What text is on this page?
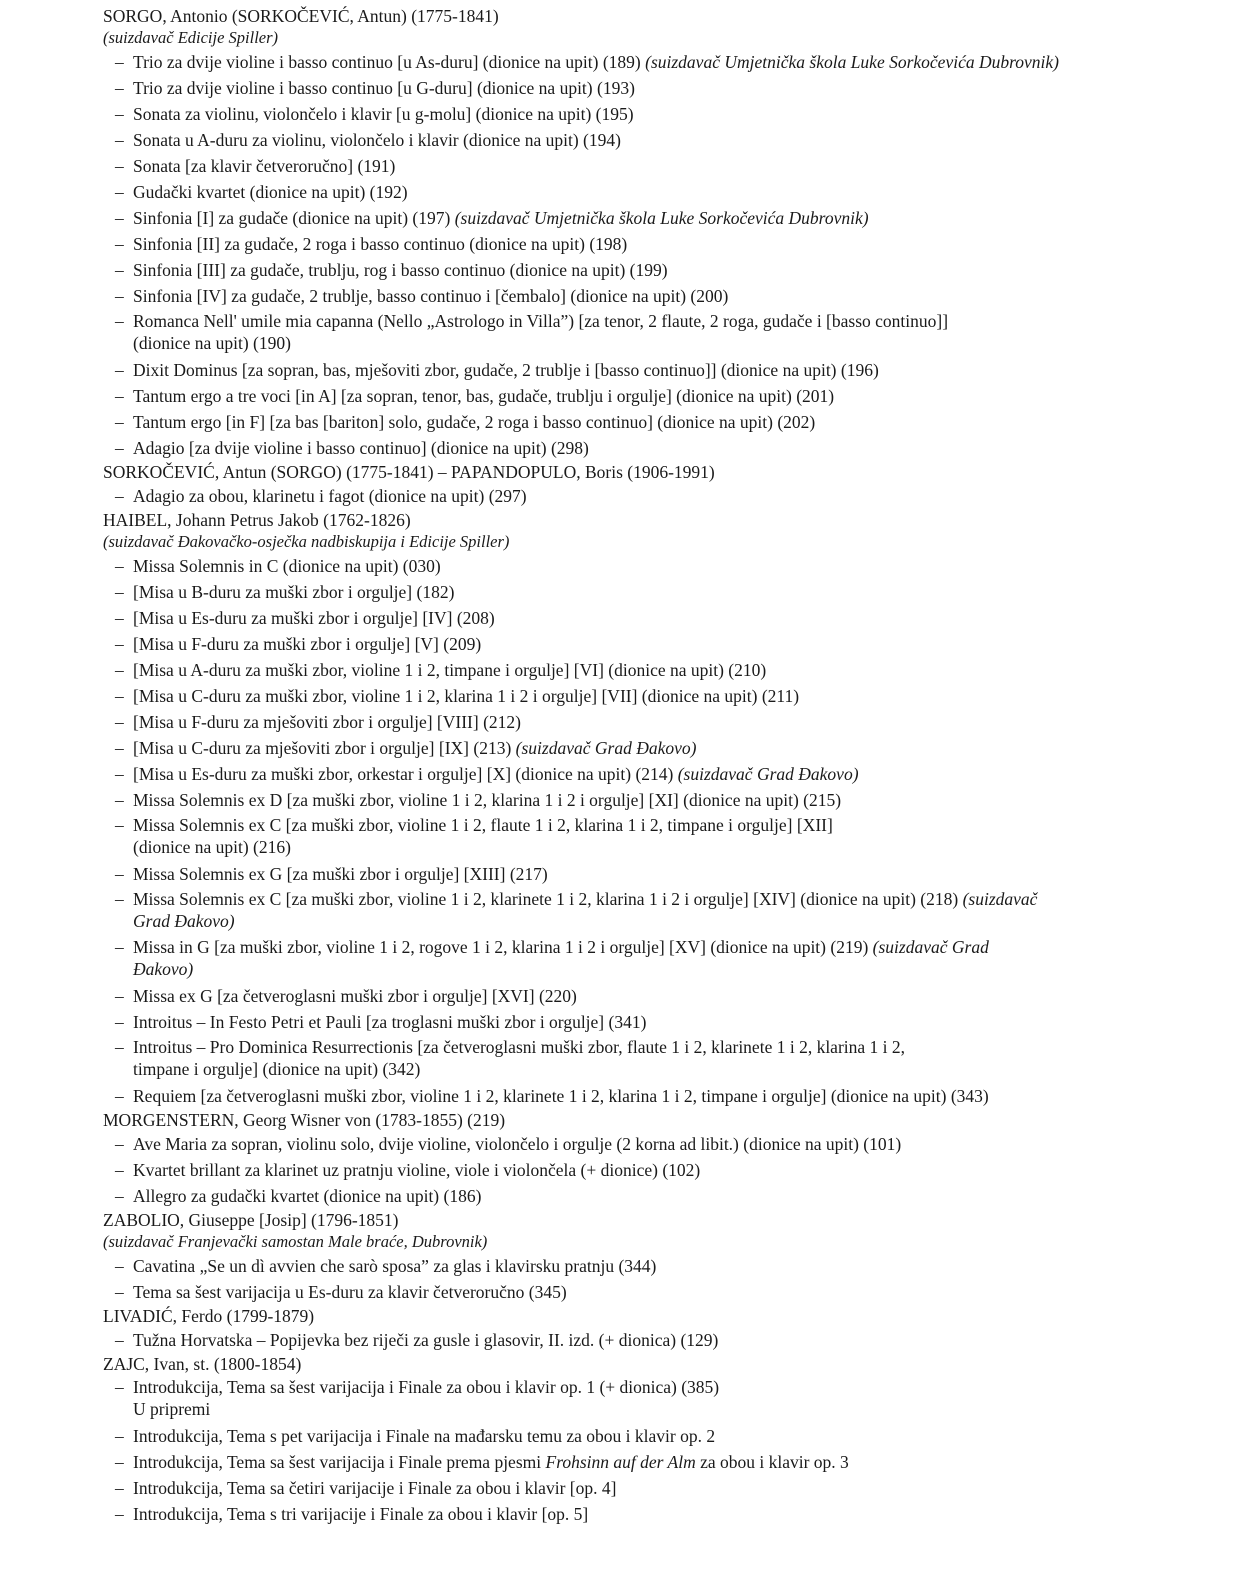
SORGO, Antonio (SORKOČEVIĆ, Antun) (1775-1841)

(suizdavač Edicije Spiller)

– Trio za dvije violine i basso continuo [u As-duru] (dionice na upit) (189) (suizdavač Umjetnička škola Luke Sorkočevića Dubrovnik)
– Trio za dvije violine i basso continuo [u G-duru] (dionice na upit) (193)
– Sonata za violinu, violončelo i klavir [u g-molu] (dionice na upit) (195)
– Sonata u A-duru za violinu, violončelo i klavir (dionice na upit) (194)
– Sonata [za klavir četveroručno] (191)
– Gudački kvartet (dionice na upit) (192)
– Sinfonia [I] za gudače (dionice na upit) (197) (suizdavač Umjetnička škola Luke Sorkočevića Dubrovnik)
– Sinfonia [II] za gudače, 2 roga i basso continuo (dionice na upit) (198)
– Sinfonia [III] za gudače, trublju, rog i basso continuo (dionice na upit) (199)
– Sinfonia [IV] za gudače, 2 trublje, basso continuo i [čembalo] (dionice na upit) (200)
– Romanca Nell' umile mia capanna (Nello „Astrologo in Villa”) [za tenor, 2 flaute, 2 roga, gudače i [basso continuo]]
(dionice na upit) (190)
– Dixit Dominus [za sopran, bas, mješoviti zbor, gudače, 2 trublje i [basso continuo]] (dionice na upit) (196)
– Tantum ergo a tre voci [in A] [za sopran, tenor, bas, gudače, trublju i orgulje] (dionice na upit) (201)
– Tantum ergo [in F] [za bas [bariton] solo, gudače, 2 roga i basso continuo] (dionice na upit) (202)
– Adagio [za dvije violine i basso continuo] (dionice na upit) (298)

SORKOČEVIĆ, Antun (SORGO) (1775-1841) – PAPANDOPULO, Boris (1906-1991)

– Adagio za obou, klarinetu i fagot (dionice na upit) (297)

HAIBEL, Johann Petrus Jakob (1762-1826)

(suizdavač Đakovačko-osječka nadbiskupija i Edicije Spiller)

– Missa Solemnis in C (dionice na upit) (030)
– [Misa u B-duru za muški zbor i orgulje] (182)
– [Misa u Es-duru za muški zbor i orgulje] [IV] (208)
– [Misa u F-duru za muški zbor i orgulje] [V] (209)
– [Misa u A-duru za muški zbor, violine 1 i 2, timpane i orgulje] [VI] (dionice na upit) (210)
– [Misa u C-duru za muški zbor, violine 1 i 2, klarina 1 i 2 i orgulje] [VII] (dionice na upit) (211)
– [Misa u F-duru za mješoviti zbor i orgulje] [VIII] (212)
– [Misa u C-duru za mješoviti zbor i orgulje] [IX] (213) (suizdavač Grad Đakovo)
– [Misa u Es-duru za muški zbor, orkestar i orgulje] [X] (dionice na upit) (214) (suizdavač Grad Đakovo)
– Missa Solemnis ex D [za muški zbor, violine 1 i 2, klarina 1 i 2 i orgulje] [XI] (dionice na upit) (215)
– Missa Solemnis ex C [za muški zbor, violine 1 i 2, flaute 1 i 2, klarina 1 i 2, timpane i orgulje] [XII]
(dionice na upit) (216)
– Missa Solemnis ex G [za muški zbor i orgulje] [XIII] (217)
– Missa Solemnis ex C [za muški zbor, violine 1 i 2, klarinete 1 i 2, klarina 1 i 2 i orgulje] [XIV] (dionice na upit) (218) (suizdavač
Grad Đakovo)
– Missa in G [za muški zbor, violine 1 i 2, rogove 1 i 2, klarina 1 i 2 i orgulje] [XV] (dionice na upit) (219) (suizdavač Grad
Đakovo)
– Missa ex G [za četveroglasni muški zbor i orgulje] [XVI] (220)
– Introitus – In Festo Petri et Pauli [za troglasni muški zbor i orgulje] (341)
– Introitus – Pro Dominica Resurrectionis [za četveroglasni muški zbor, flaute 1 i 2, klarinete 1 i 2, klarina 1 i 2,
timpane i orgulje] (dionice na upit) (342)
– Requiem [za četveroglasni muški zbor, violine 1 i 2, klarinete 1 i 2, klarina 1 i 2, timpane i orgulje] (dionice na upit) (343)

MORGENSTERN, Georg Wisner von (1783-1855) (219)

– Ave Maria za sopran, violinu solo, dvije violine, violončelo i orgulje (2 korna ad libit.) (dionice na upit) (101)
– Kvartet brillant za klarinet uz pratnju violine, viole i violončela (+ dionice) (102)
– Allegro za gudački kvartet (dionice na upit) (186)

ZABOLIO, Giuseppe [Josip] (1796-1851)

(suizdavač Franjevački samostan Male braće, Dubrovnik)

– Cavatina „Se un dì avvien che sarò sposa” za glas i klavirsku pratnju (344)
– Tema sa šest varijacija u Es-duru za klavir četveroručno (345)

LIVADIĆ, Ferdo (1799-1879)

– Tužna Horvatska – Popijevka bez riječi za gusle i glasovir, II. izd. (+ dionica) (129)

ZAJC, Ivan, st. (1800-1854)

– Introdukcija, Tema sa šest varijacija i Finale za obou i klavir op. 1 (+ dionica) (385)
U pripremi
– Introdukcija, Tema s pet varijacija i Finale na mađarsku temu za obou i klavir op. 2
– Introdukcija, Tema sa šest varijacija i Finale prema pjesmi Frohsinn auf der Alm za obou i klavir op. 3
– Introdukcija, Tema sa četiri varijacije i Finale za obou i klavir [op. 4]
– Introdukcija, Tema s tri varijacije i Finale za obou i klavir [op. 5]
